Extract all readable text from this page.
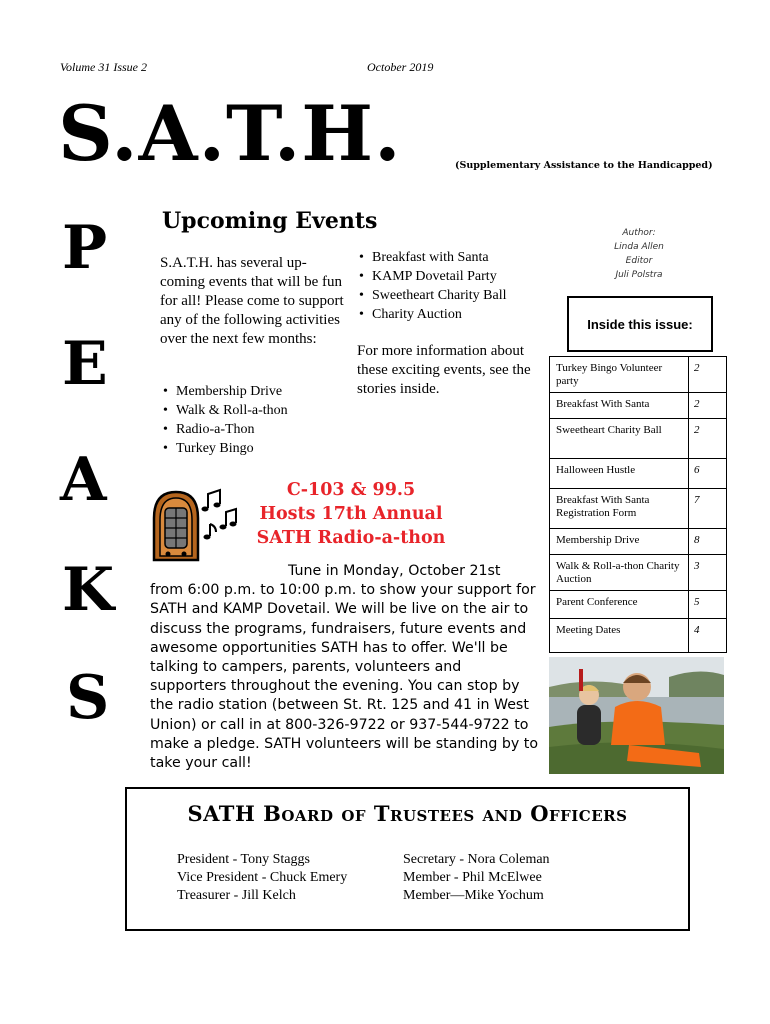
Volume 31 Issue 2	October 2019
S.A.T.H.	(Supplementary Assistance to the Handicapped)
P
E
A
K
S
Upcoming Events
S.A.T.H. has several up-coming events that will be fun for all! Please come to support any of the following activities over the next few months:
• Membership Drive
• Walk & Roll-a-thon
• Radio-a-Thon
• Turkey Bingo
• Breakfast with Santa
• KAMP Dovetail Party
• Sweetheart Charity Ball
• Charity Auction
For more information about these exciting events, see the stories inside.
Author:
Linda Allen
Editor
Juli Polstra
Inside this issue:
Turkey Bingo Volunteer party	2
Breakfast With Santa	2
Sweetheart Charity Ball	2
Halloween Hustle	6
Breakfast With Santa Registration Form	7
Membership Drive	8
Walk & Roll-a-thon Charity Auction	3
Parent Conference	5
Meeting Dates	4
C-103 & 99.5
Hosts 17th Annual
SATH Radio-a-thon
Tune in Monday, October 21st from 6:00 p.m. to 10:00 p.m. to show your support for SATH and KAMP Dovetail. We will be live on the air to discuss the programs, fundraisers, future events and awesome opportunities SATH has to offer. We'll be talking to campers, parents, volunteers and supporters throughout the evening. You can stop by the radio station (between St. Rt. 125 and 41 in West Union) or call in at 800-326-9722 or 937-544-9722 to make a pledge. SATH volunteers will be standing by to take your call!
SATH Board of Trustees and Officers
President - Tony Staggs
Vice President - Chuck Emery
Treasurer - Jill Kelch
Secretary - Nora Coleman
Member - Phil McElwee
Member—Mike Yochum
